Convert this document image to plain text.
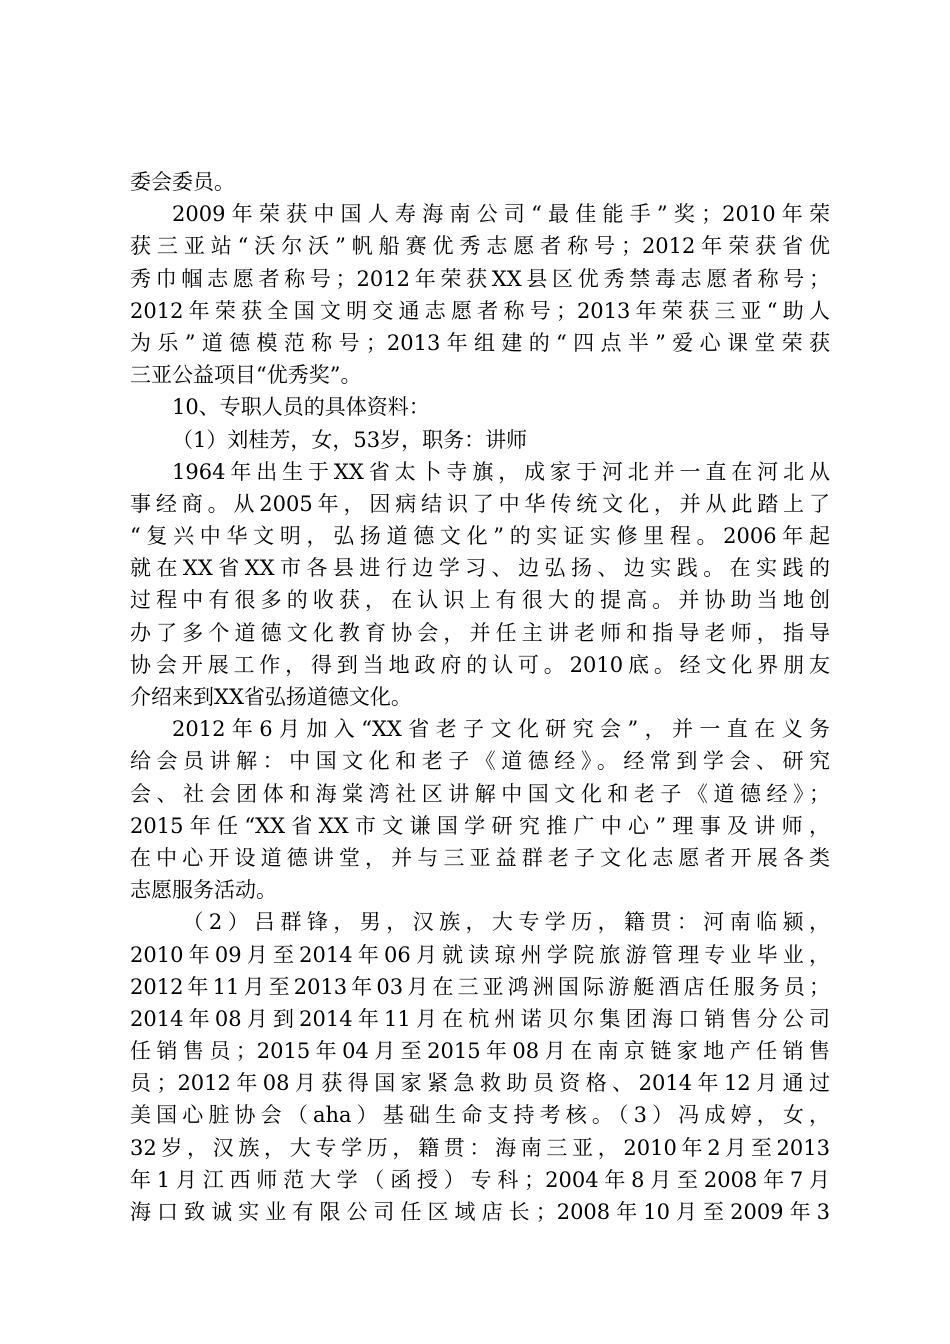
委会委员。
2009年荣获中国人寿海南公司“最佳能手”奖；2010年荣
获三亚站“沃尔沃”帆船赛优秀志愿者称号；2012年荣获省优
秀巾帼志愿者称号；2012年荣获XX县区优秀禁毒志愿者称号；
2012年荣获全国文明交通志愿者称号；2013年荣获三亚“助人
为乐”道德模范称号；2013年组建的“四点半”爱心课堂荣获
三亚公益项目“优秀奖”。
10、专职人员的具体资料：
（1）刘桂芳，女，53岁，职务：讲师
1964年出生于XX省太卜寺旗，成家于河北并一直在河北从
事经商。从2005年，因病结识了中华传统文化，并从此踏上了
“复兴中华文明，弘扬道德文化”的实证实修里程。2006年起
就在XX省XX市各县进行边学习、边弘扬、边实践。在实践的
过程中有很多的收获，在认识上有很大的提高。并协助当地创
办了多个道德文化教育协会，并任主讲老师和指导老师，指导
协会开展工作，得到当地政府的认可。2010底。经文化界朋友
介绍来到XX省弘扬道德文化。
2012年6月加入“XX省老子文化研究会”，并一直在义务
给会员讲解：中国文化和老子《道德经》。经常到学会、研究
会、社会团体和海棠湾社区讲解中国文化和老子《道德经》；
2015年任“XX省XX市文谦国学研究推广中心”理事及讲师，
在中心开设道德讲堂，并与三亚益群老子文化志愿者开展各类
志愿服务活动。
（2）吕群锋，男，汉族，大专学历，籍贯：河南临颍，
2010年09月至2014年06月就读琼州学院旅游管理专业毕业，
2012年11月至2013年03月在三亚鸿洲国际游艇酒店任服务员；
2014年08月到2014年11月在杭州诺贝尔集团海口销售分公司
任销售员；2015年04月至2015年08月在南京链家地产任销售
员；2012年08月获得国家紧急救助员资格、2014年12月通过
美国心脏协会（aha）基础生命支持考核。（3）冯成婷，女，
32岁，汉族，大专学历，籍贯：海南三亚，2010年2月至2013
年1月江西师范大学（函授）专科；2004年8月至2008年7月
海口致诚实业有限公司任区域店长；2008年10月至2009年3
